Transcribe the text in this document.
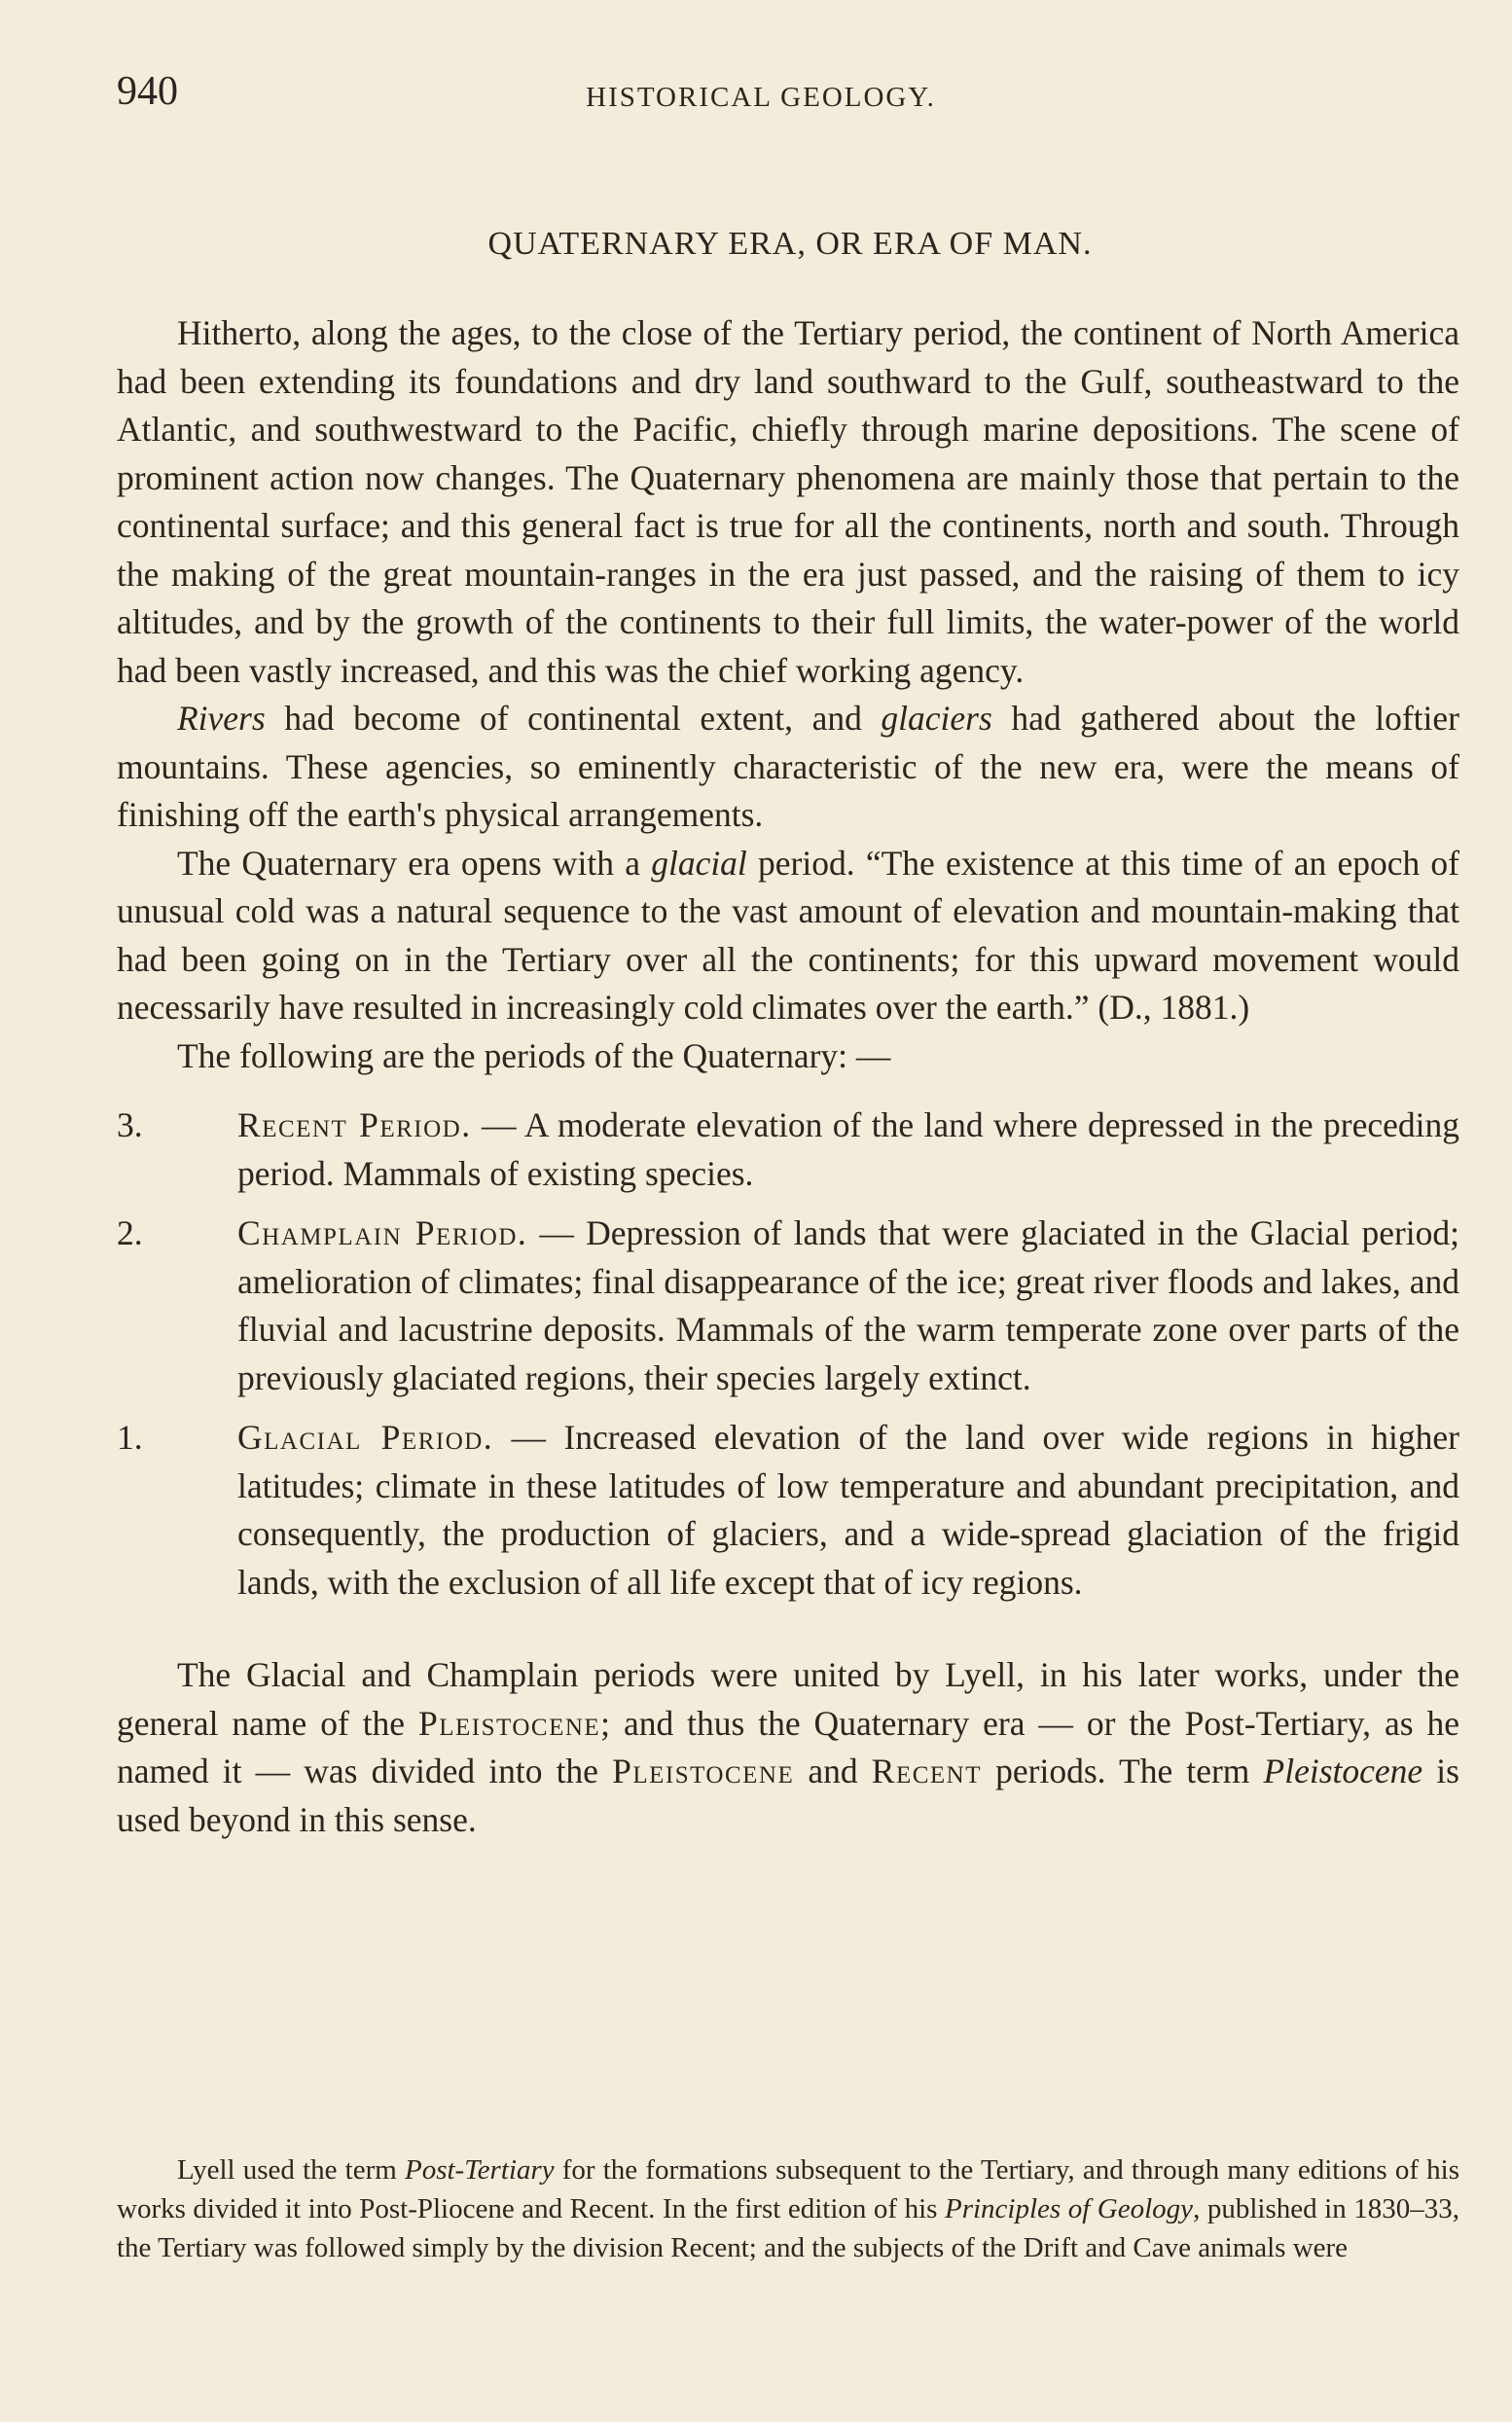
940	HISTORICAL GEOLOGY.
QUATERNARY ERA, OR ERA OF MAN.

Hitherto, along the ages, to the close of the Tertiary period, the continent of North America had been extending its foundations and dry land southward to the Gulf, southeastward to the Atlantic, and southwestward to the Pacific, chiefly through marine depositions. The scene of prominent action now changes. The Quaternary phenomena are mainly those that pertain to the continental surface; and this general fact is true for all the continents, north and south. Through the making of the great mountain-ranges in the era just passed, and the raising of them to icy altitudes, and by the growth of the continents to their full limits, the water-power of the world had been vastly increased, and this was the chief working agency.

Rivers had become of continental extent, and glaciers had gathered about the loftier mountains. These agencies, so eminently characteristic of the new era, were the means of finishing off the earth's physical arrangements.

The Quaternary era opens with a glacial period. “The existence at this time of an epoch of unusual cold was a natural sequence to the vast amount of elevation and mountain-making that had been going on in the Tertiary over all the continents; for this upward movement would necessarily have resulted in increasingly cold climates over the earth.” (D., 1881.)

The following are the periods of the Quaternary: —

3.	Recent Period. — A moderate elevation of the land where depressed in the preceding period. Mammals of existing species.
2.	Champlain Period. — Depression of lands that were glaciated in the Glacial period; amelioration of climates; final disappearance of the ice; great river floods and lakes, and fluvial and lacustrine deposits. Mammals of the warm temperate zone over parts of the previously glaciated regions, their species largely extinct.
1.	Glacial Period. — Increased elevation of the land over wide regions in higher latitudes; climate in these latitudes of low temperature and abundant precipitation, and consequently, the production of glaciers, and a wide-spread glaciation of the frigid lands, with the exclusion of all life except that of icy regions.

The Glacial and Champlain periods were united by Lyell, in his later works, under the general name of the Pleistocene; and thus the Quaternary era — or the Post-Tertiary, as he named it — was divided into the Pleistocene and Recent periods. The term Pleistocene is used beyond in this sense.

Lyell used the term Post-Tertiary for the formations subsequent to the Tertiary, and through many editions of his works divided it into Post-Pliocene and Recent. In the first edition of his Principles of Geology, published in 1830–33, the Tertiary was followed simply by the division Recent; and the subjects of the Drift and Cave animals were
